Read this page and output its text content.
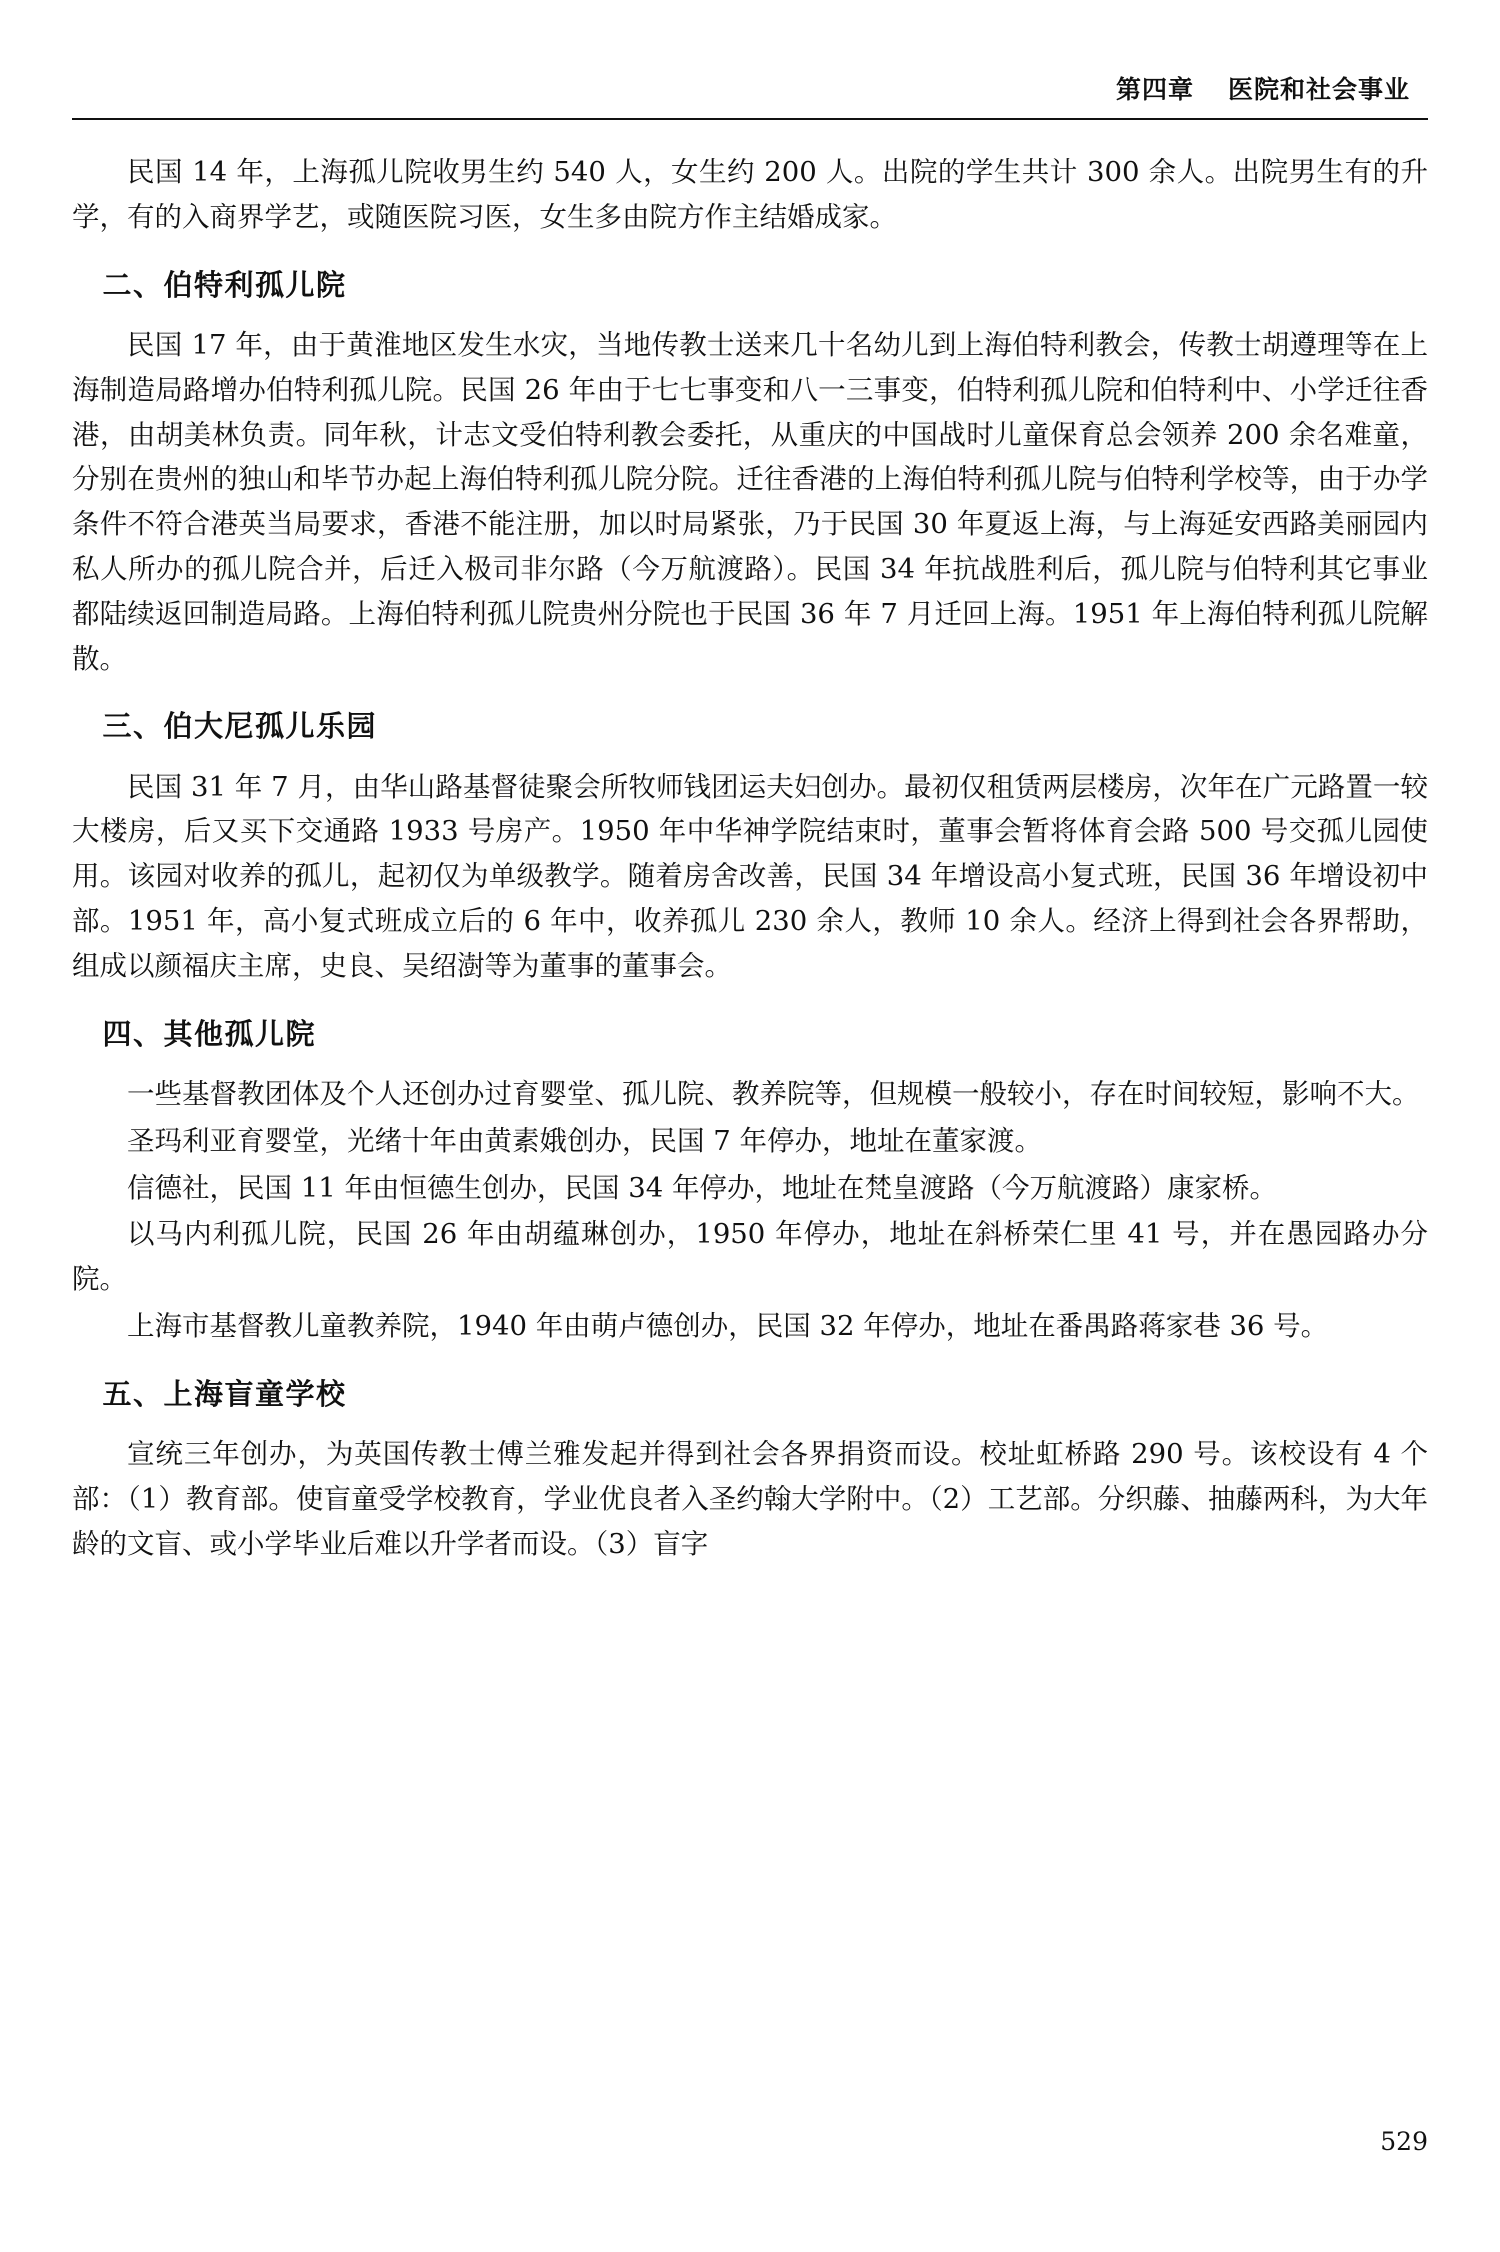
第四章 医院和社会事业

民国 14 年，上海孤儿院收男生约 540 人，女生约 200 人。出院的学生共计 300 余人。出院男生有的升学，有的入商界学艺，或随医院习医，女生多由院方作主结婚成家。

二、伯特利孤儿院

民国 17 年，由于黄淮地区发生水灾，当地传教士送来几十名幼儿到上海伯特利教会，传教士胡遵理等在上海制造局路增办伯特利孤儿院。民国 26 年由于七七事变和八一三事变，伯特利孤儿院和伯特利中、小学迁往香港，由胡美林负责。同年秋，计志文受伯特利教会委托，从重庆的中国战时儿童保育总会领养 200 余名难童，分别在贵州的独山和毕节办起上海伯特利孤儿院分院。迁往香港的上海伯特利孤儿院与伯特利学校等，由于办学条件不符合港英当局要求，香港不能注册，加以时局紧张，乃于民国 30 年夏返上海，与上海延安西路美丽园内私人所办的孤儿院合并，后迁入极司非尔路（今万航渡路）。民国 34 年抗战胜利后，孤儿院与伯特利其它事业都陆续返回制造局路。上海伯特利孤儿院贵州分院也于民国 36 年 7 月迁回上海。1951 年上海伯特利孤儿院解散。

三、伯大尼孤儿乐园

民国 31 年 7 月，由华山路基督徒聚会所牧师钱团运夫妇创办。最初仅租赁两层楼房，次年在广元路置一较大楼房，后又买下交通路 1933 号房产。1950 年中华神学院结束时，董事会暂将体育会路 500 号交孤儿园使用。该园对收养的孤儿，起初仅为单级教学。随着房舍改善，民国 34 年增设高小复式班，民国 36 年增设初中部。1951 年，高小复式班成立后的 6 年中，收养孤儿 230 余人，教师 10 余人。经济上得到社会各界帮助，组成以颜福庆主席，史良、吴绍澍等为董事的董事会。

四、其他孤儿院

一些基督教团体及个人还创办过育婴堂、孤儿院、教养院等，但规模一般较小，存在时间较短，影响不大。

圣玛利亚育婴堂，光绪十年由黄素娥创办，民国 7 年停办，地址在董家渡。

信德社，民国 11 年由恒德生创办，民国 34 年停办，地址在梵皇渡路（今万航渡路）康家桥。

以马内利孤儿院，民国 26 年由胡蕴琳创办，1950 年停办，地址在斜桥荣仁里 41 号，并在愚园路办分院。

上海市基督教儿童教养院，1940 年由萌卢德创办，民国 32 年停办，地址在番禺路蒋家巷 36 号。

五、上海盲童学校

宣统三年创办，为英国传教士傅兰雅发起并得到社会各界捐资而设。校址虹桥路 290 号。该校设有 4 个部：（1）教育部。使盲童受学校教育，学业优良者入圣约翰大学附中。（2）工艺部。分织藤、抽藤两科，为大年龄的文盲、或小学毕业后难以升学者而设。（3）盲字

529
